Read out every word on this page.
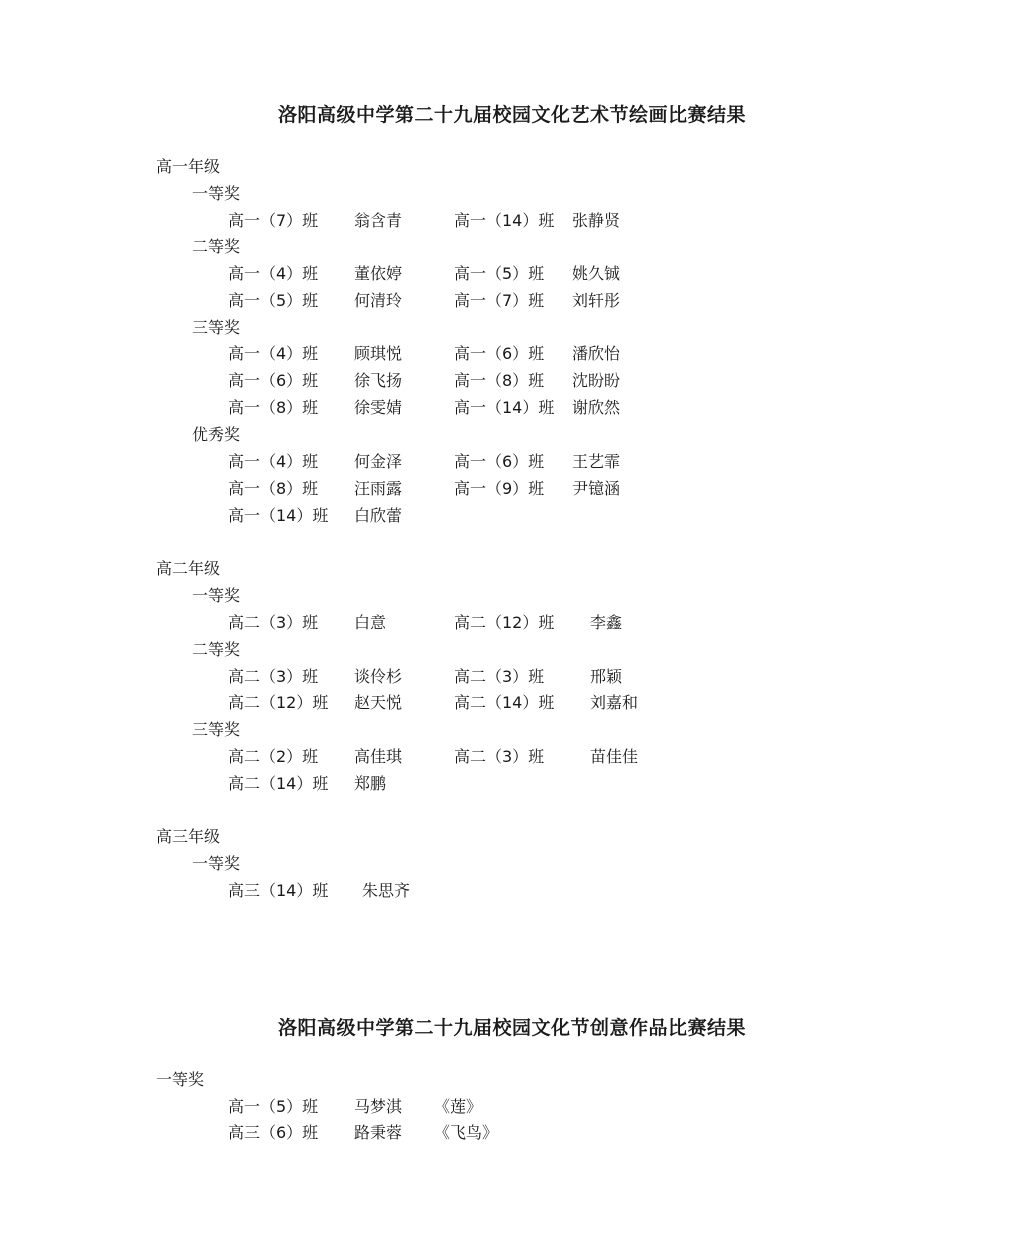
洛阳高级中学第二十九届校园文化艺术节绘画比赛结果
高一年级
一等奖
高一（7）班 翁含青	高一（14）班 张静贤
二等奖
高一（4）班 董依婷	高一（5）班 姚久铖
高一（5）班 何清玲	高一（7）班 刘轩彤
三等奖
高一（4）班 顾琪悦	高一（6）班 潘欣怡
高一（6）班 徐飞扬	高一（8）班 沈盼盼
高一（8）班 徐雯婧	高一（14）班 谢欣然
优秀奖
高一（4）班 何金泽	高一（6）班 王艺霏
高一（8）班 汪雨露	高一（9）班 尹镱涵
高一（14）班 白欣蕾
高二年级
一等奖
高二（3）班 白意	高二（12）班 李鑫
二等奖
高二（3）班 谈伶杉	高二（3）班	邢颖
高二（12）班 赵天悦	高二（14）班 刘嘉和
三等奖
高二（2）班 高佳琪	高二（3）班	苗佳佳
高二（14）班 郑鹏
高三年级
一等奖
高三（14）班 朱思齐
洛阳高级中学第二十九届校园文化节创意作品比赛结果
一等奖
高一（5）班 马梦淇 《莲》
高三（6）班 路秉蓉 《飞鸟》
